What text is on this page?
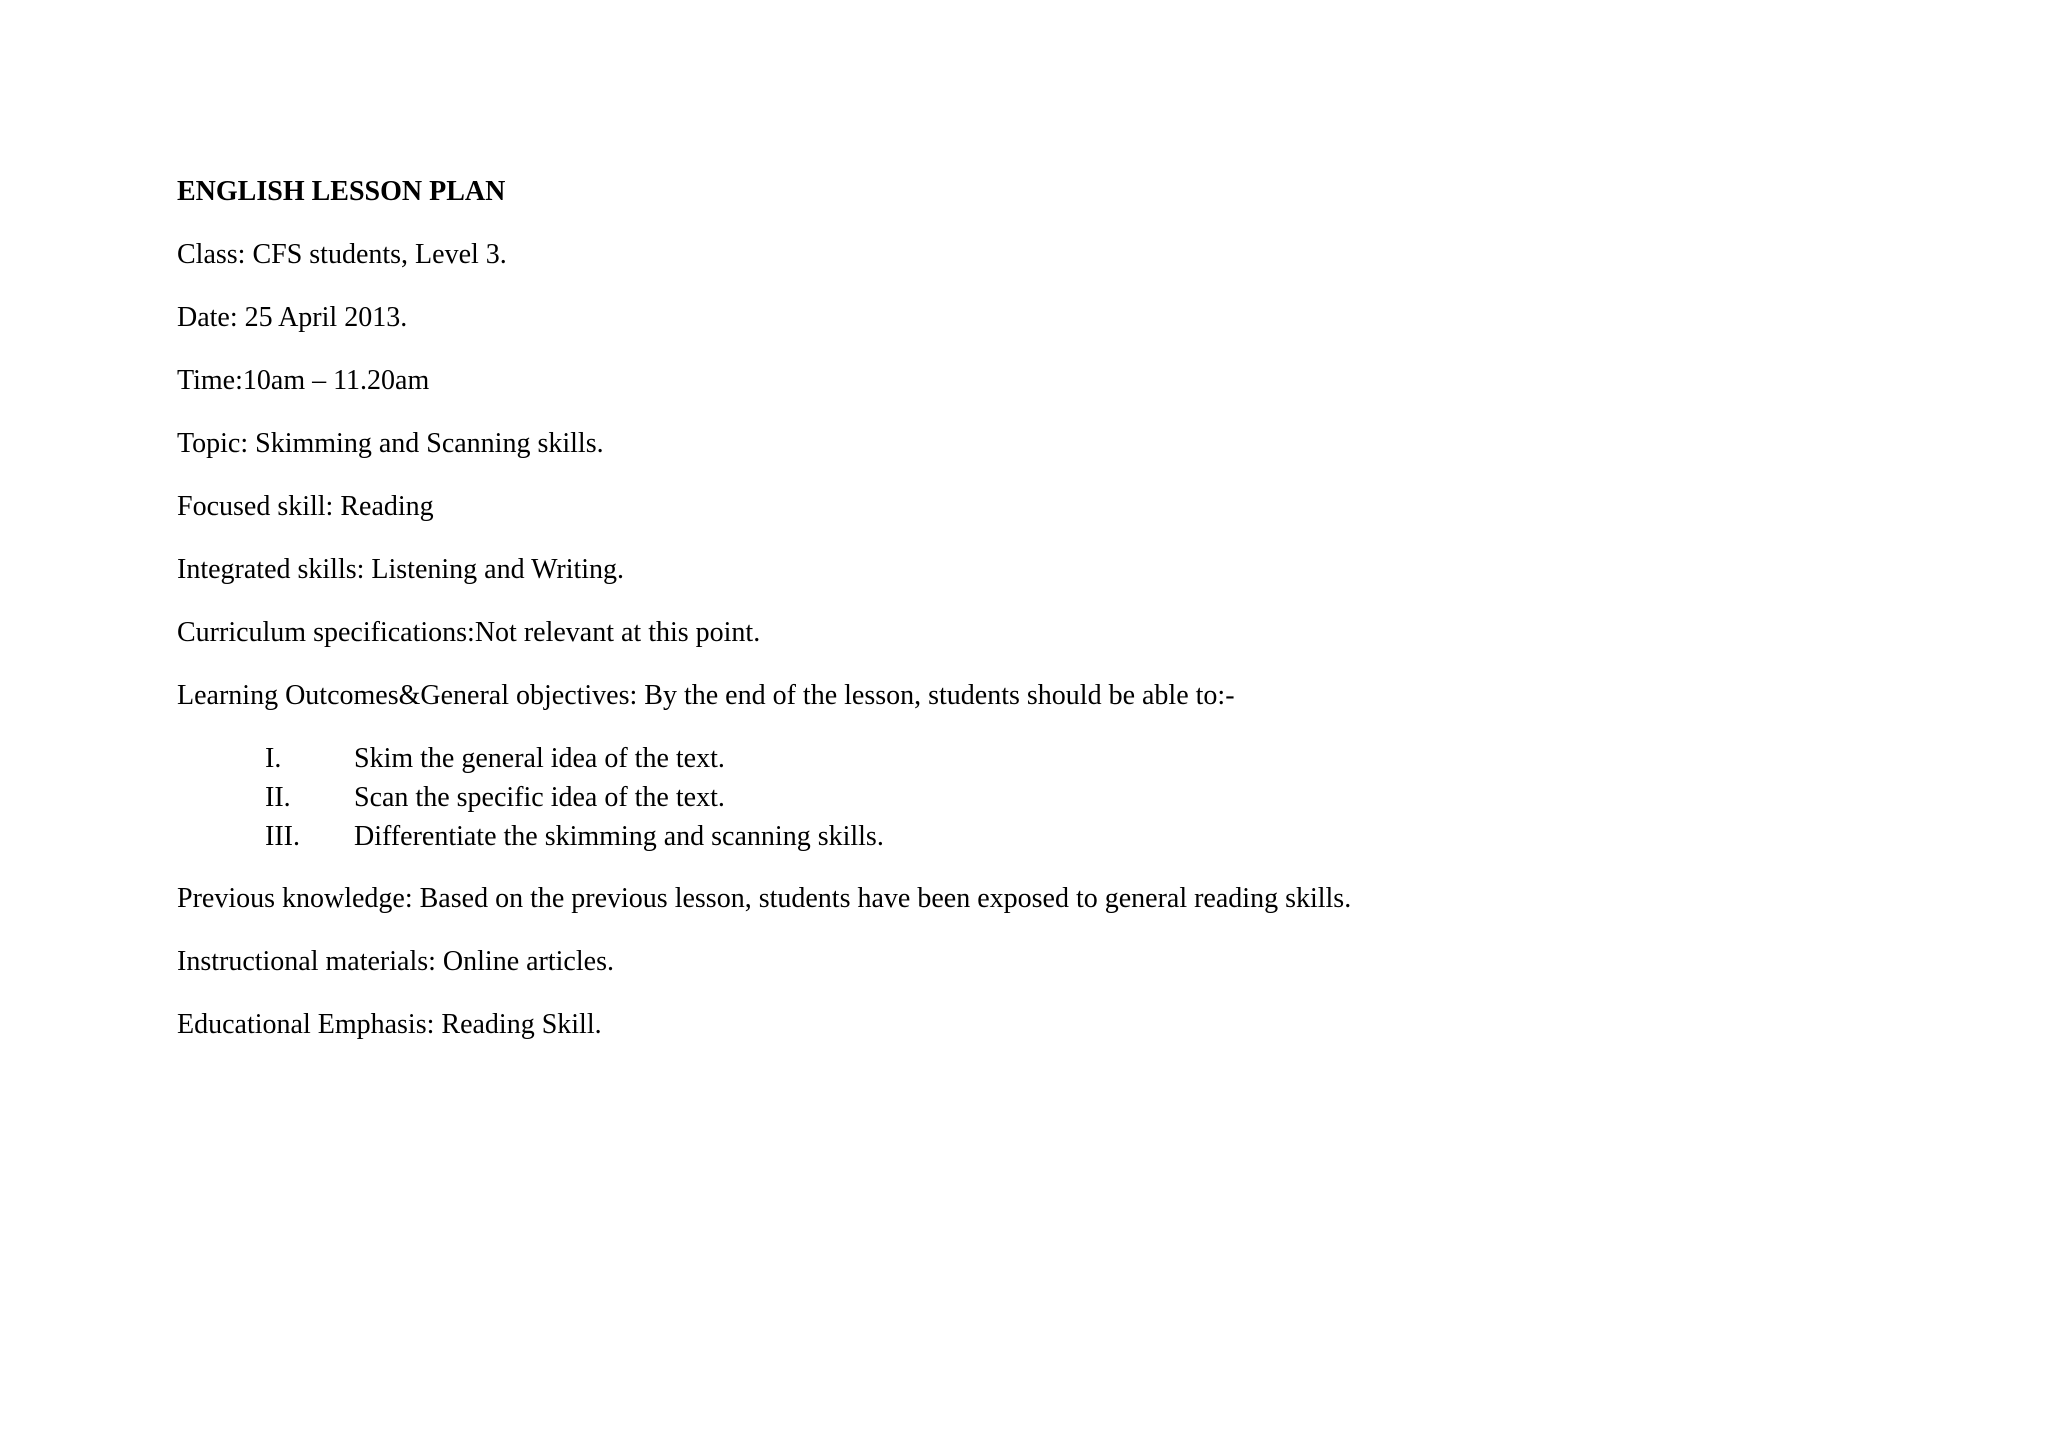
ENGLISH LESSON PLAN
Class: CFS students, Level 3.
Date: 25 April 2013.
Time:10am – 11.20am
Topic: Skimming and Scanning skills.
Focused skill: Reading
Integrated skills: Listening and Writing.
Curriculum specifications:Not relevant at this point.
Learning Outcomes&General objectives: By the end of the lesson, students should be able to:-
I.	Skim the general idea of the text.
II. Scan the specific idea of the text.
III. Differentiate the skimming and scanning skills.
Previous knowledge: Based on the previous lesson, students have been exposed to general reading skills.
Instructional materials: Online articles.
Educational Emphasis: Reading Skill.
